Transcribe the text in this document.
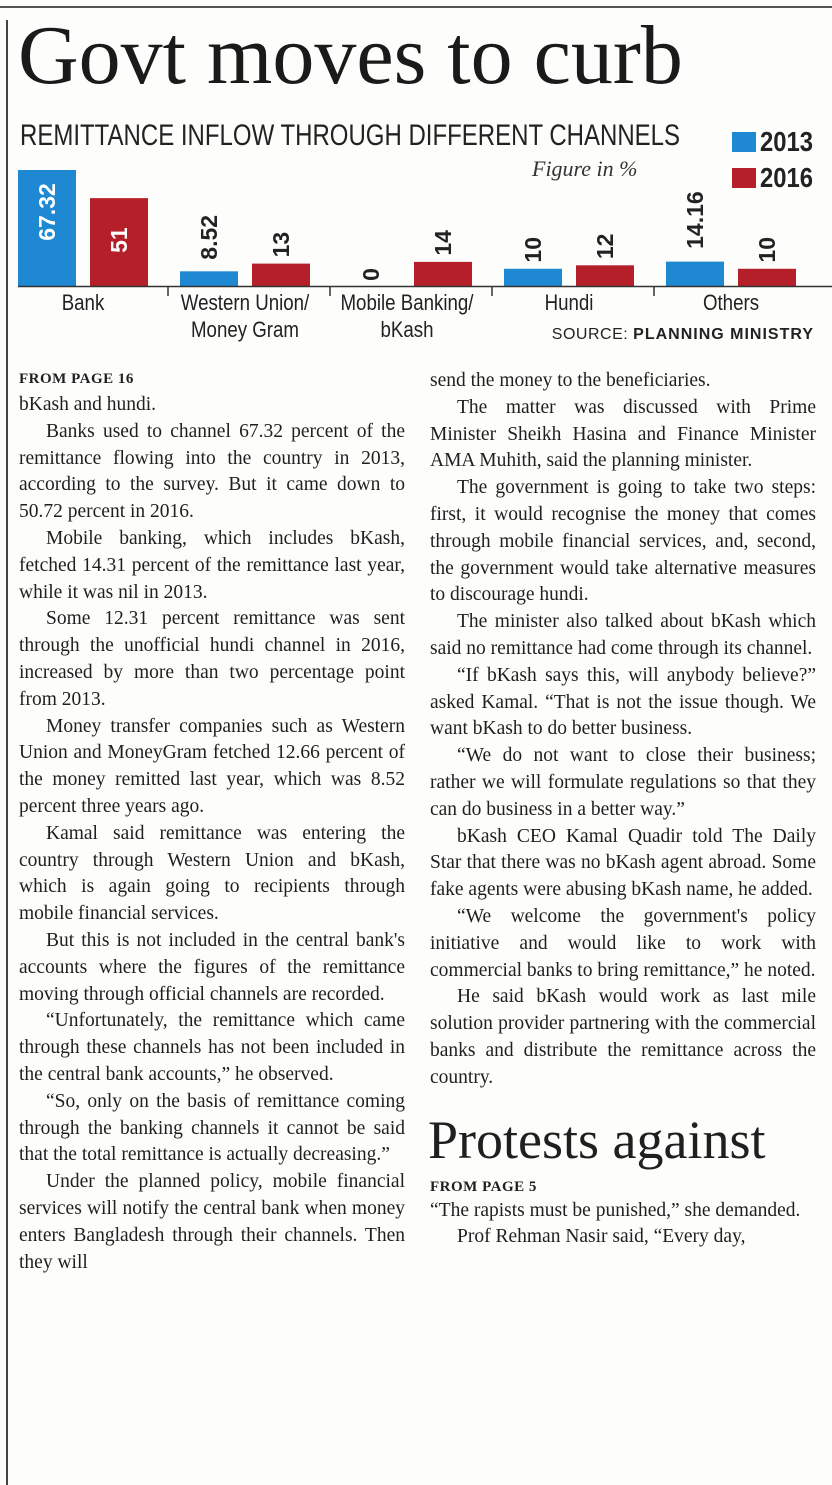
Govt moves to curb
REMITTANCE INFLOW THROUGH DIFFERENT CHANNELS
Figure in %
2013
2016
67.32	8.52
0
10
14.16
51	13	14	12	10
Bank	Western Union/
Money Gram
Mobile Banking/
bKash
Hundi	Others
SOURCE: PLANNING MINISTRY
FROM PAGE 16

bKash and hundi.

Banks used to channel 67.32 percent of the remittance flowing into the country in 2013, according to the survey. But it came down to 50.72 percent in 2016.

Mobile banking, which includes bKash, fetched 14.31 percent of the remittance last year, while it was nil in 2013.

Some 12.31 percent remittance was sent through the unofficial hundi channel in 2016, increased by more than two percentage point from 2013.

Money transfer companies such as Western Union and MoneyGram fetched 12.66 percent of the money remitted last year, which was 8.52 percent three years ago.

Kamal said remittance was entering the country through Western Union and bKash, which is again going to recipients through mobile financial services.

But this is not included in the central bank's accounts where the figures of the remittance moving through official channels are recorded.

“Unfortunately, the remittance which came through these channels has not been included in the central bank accounts,” he observed.

“So, only on the basis of remittance coming through the banking channels it cannot be said that the total remittance is actually decreasing.”

Under the planned policy, mobile financial services will notify the central bank when money enters Bangladesh through their channels. Then they will

send the money to the beneficiaries.

The matter was discussed with Prime Minister Sheikh Hasina and Finance Minister AMA Muhith, said the planning minister.

The government is going to take two steps: first, it would recognise the money that comes through mobile financial services, and, second, the government would take alternative measures to discourage hundi.

The minister also talked about bKash which said no remittance had come through its channel.

“If bKash says this, will anybody believe?” asked Kamal. “That is not the issue though. We want bKash to do better business.

“We do not want to close their business; rather we will formulate regulations so that they can do business in a better way.”

bKash CEO Kamal Quadir told The Daily Star that there was no bKash agent abroad. Some fake agents were abusing bKash name, he added.

“We welcome the government's policy initiative and would like to work with commercial banks to bring remittance,” he noted.

He said bKash would work as last mile solution provider partnering with the commercial banks and distribute the remittance across the country.

Protests against
FROM PAGE 5

“The rapists must be punished,” she demanded.

Prof Rehman Nasir said, “Every day,
